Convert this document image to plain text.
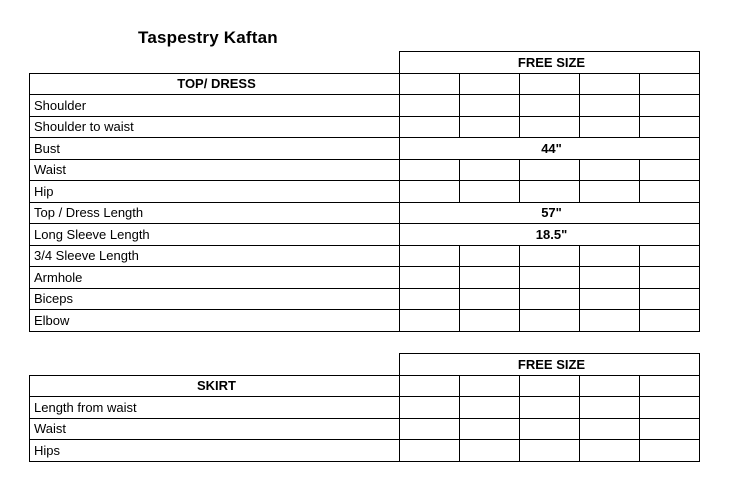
Taspestry Kaftan
	FREE SIZE				
TOP/ DRESS					
Shoulder					
Shoulder to waist					
Bust	44"				
Waist					
Hip					
Top / Dress Length	57"				
Long Sleeve Length	18.5"				
3/4 Sleeve Length					
Armhole					
Biceps					
Elbow					
	FREE SIZE				
SKIRT					
Length from waist					
Waist					
Hips					
